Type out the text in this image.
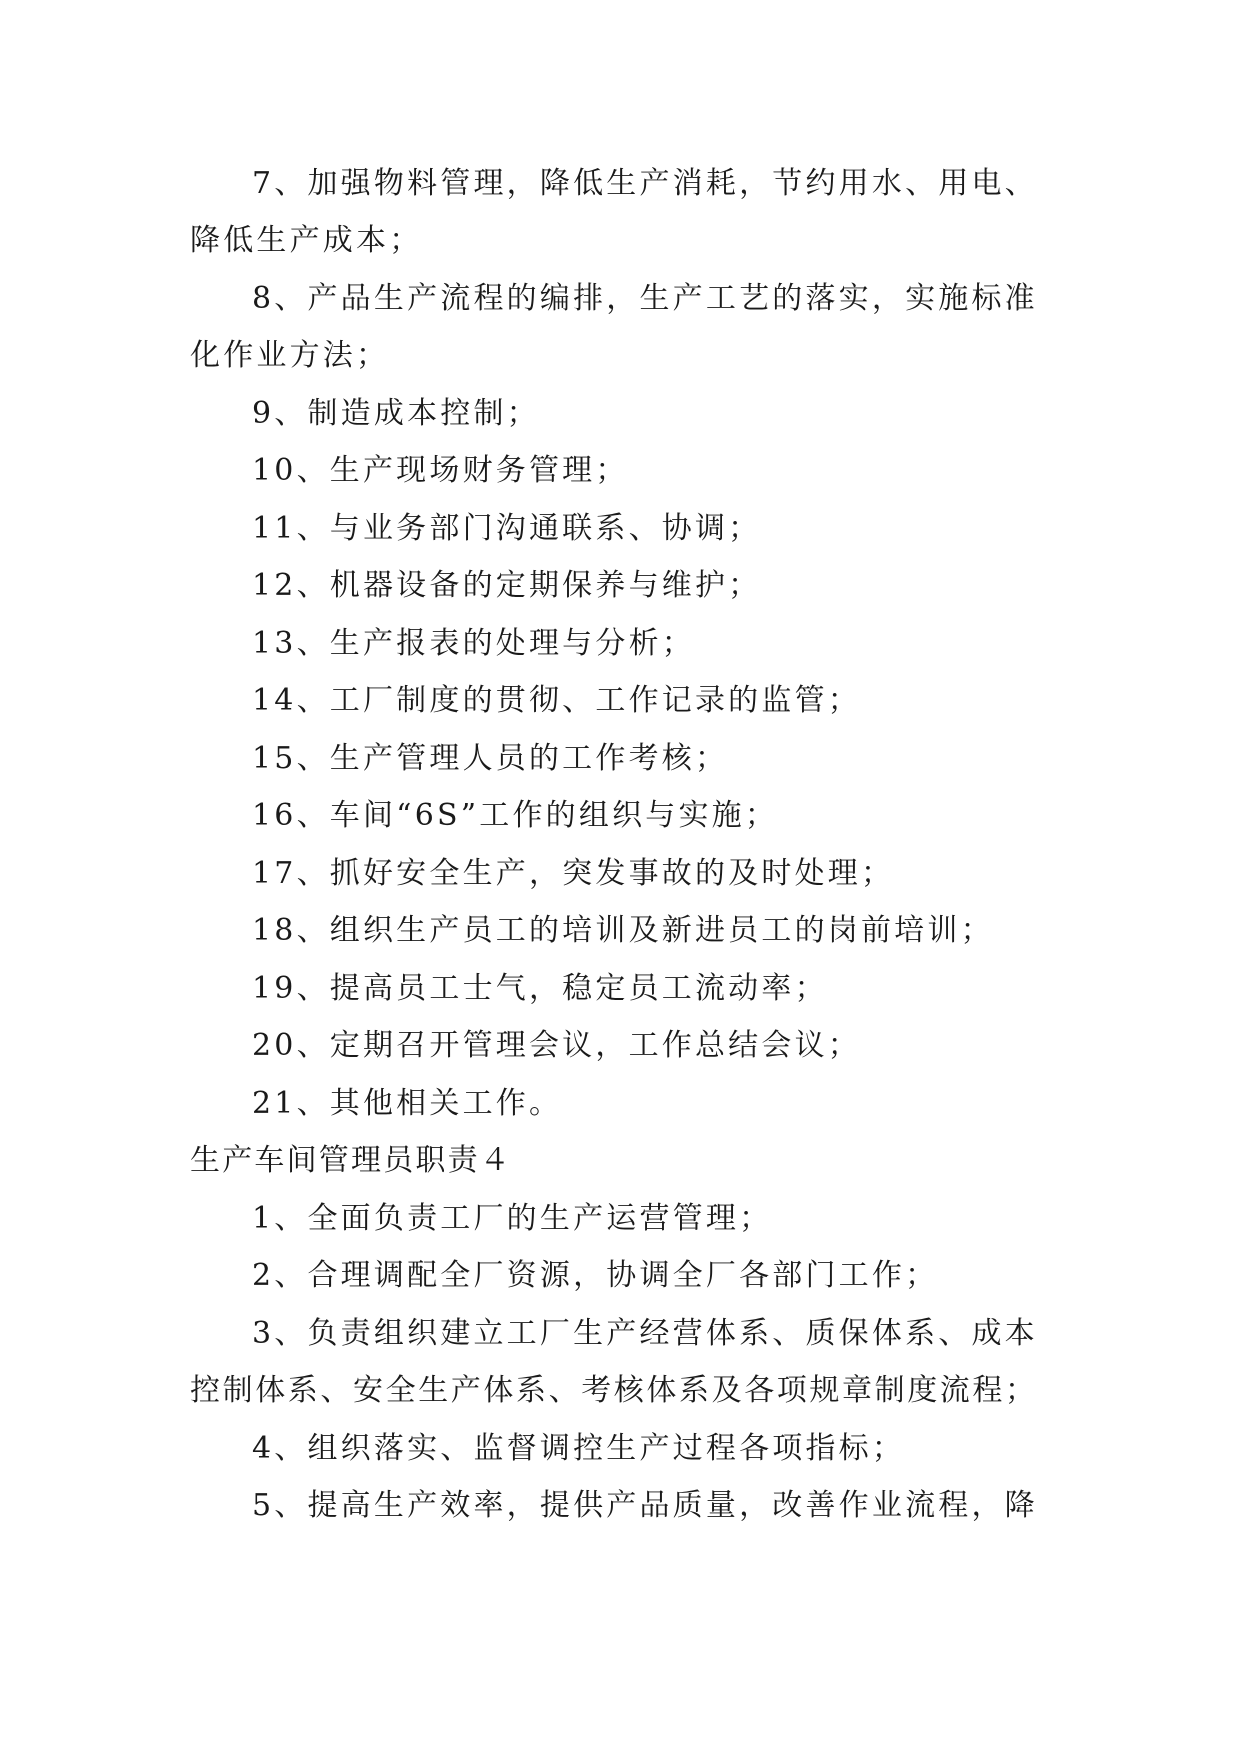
7、加强物料管理，降低生产消耗，节约用水、用电、
降低生产成本；
8、产品生产流程的编排，生产工艺的落实，实施标准
化作业方法；
9、制造成本控制；
10、生产现场财务管理；
11、与业务部门沟通联系、协调；
12、机器设备的定期保养与维护；
13、生产报表的处理与分析；
14、工厂制度的贯彻、工作记录的监管；
15、生产管理人员的工作考核；
16、车间“6S”工作的组织与实施；
17、抓好安全生产，突发事故的及时处理；
18、组织生产员工的培训及新进员工的岗前培训；
19、提高员工士气，稳定员工流动率；
20、定期召开管理会议，工作总结会议；
21、其他相关工作。
生产车间管理员职责４
1、全面负责工厂的生产运营管理；
2、合理调配全厂资源，协调全厂各部门工作；
3、负责组织建立工厂生产经营体系、质保体系、成本
控制体系、安全生产体系、考核体系及各项规章制度流程；
4、组织落实、监督调控生产过程各项指标；
5、提高生产效率，提供产品质量，改善作业流程，降
